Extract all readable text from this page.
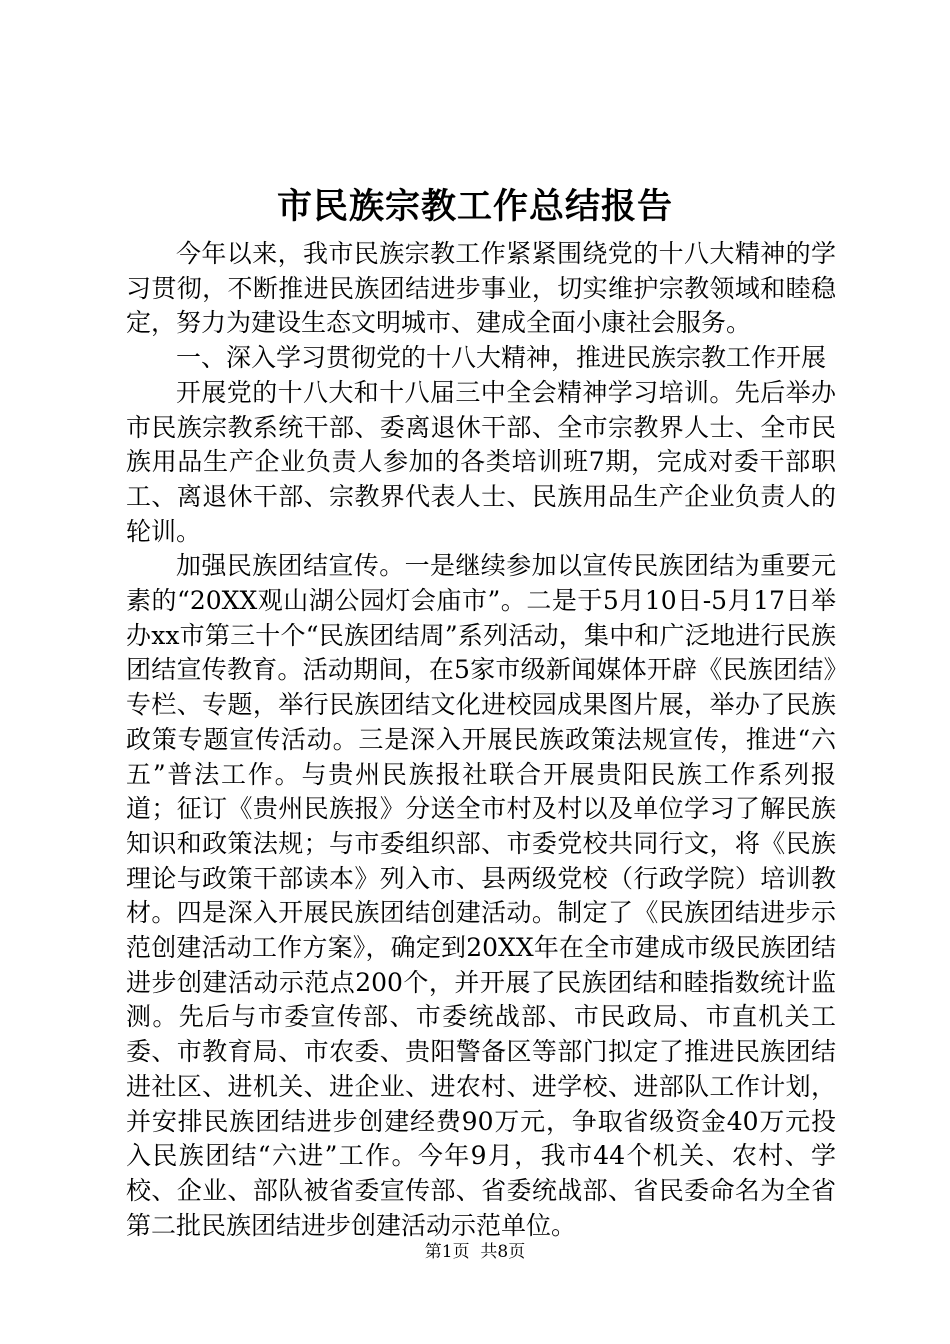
市民族宗教工作总结报告

今年以来，我市民族宗教工作紧紧围绕党的十八大精神的学习贯彻，不断推进民族团结进步事业，切实维护宗教领域和睦稳定，努力为建设生态文明城市、建成全面小康社会服务。

一、深入学习贯彻党的十八大精神，推进民族宗教工作开展

开展党的十八大和十八届三中全会精神学习培训。先后举办市民族宗教系统干部、委离退休干部、全市宗教界人士、全市民族用品生产企业负责人参加的各类培训班7期，完成对委干部职工、离退休干部、宗教界代表人士、民族用品生产企业负责人的轮训。

加强民族团结宣传。一是继续参加以宣传民族团结为重要元素的“20XX观山湖公园灯会庙市”。二是于5月10日-5月17日举办xx市第三十个“民族团结周”系列活动，集中和广泛地进行民族团结宣传教育。活动期间，在5家市级新闻媒体开辟《民族团结》专栏、专题，举行民族团结文化进校园成果图片展，举办了民族政策专题宣传活动。三是深入开展民族政策法规宣传，推进“六五”普法工作。与贵州民族报社联合开展贵阳民族工作系列报道；征订《贵州民族报》分送全市村及村以及单位学习了解民族知识和政策法规；与市委组织部、市委党校共同行文，将《民族理论与政策干部读本》列入市、县两级党校（行政学院）培训教材。四是深入开展民族团结创建活动。制定了《民族团结进步示范创建活动工作方案》，确定到20XX年在全市建成市级民族团结进步创建活动示范点200个，并开展了民族团结和睦指数统计监测。先后与市委宣传部、市委统战部、市民政局、市直机关工委、市教育局、市农委、贵阳警备区等部门拟定了推进民族团结进社区、进机关、进企业、进农村、进学校、进部队工作计划，并安排民族团结进步创建经费90万元，争取省级资金40万元投入民族团结“六进”工作。今年9月，我市44个机关、农村、学校、企业、部队被省委宣传部、省委统战部、省民委命名为全省第二批民族团结进步创建活动示范单位。

第1页 共8页
